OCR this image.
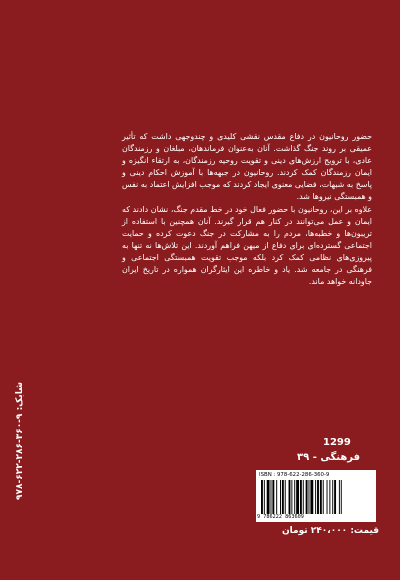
حضور روحانیون در دفاع مقدس نقشی کلیدی و چندوجهی داشت که تأثیر عمیقی بر روند جنگ گذاشت. آنان به‌عنوان فرماندهان، مبلغان و رزمندگان عادی، با ترویج ارزش‌های دینی و تقویت روحیه رزمندگان، به ارتقاء انگیزه و ایمان رزمندگان کمک کردند. روحانیون در جبهه‌ها با آموزش احکام دینی و پاسخ به شبهات، فضایی معنوی ایجاد کردند که موجب افزایش اعتماد به نفس و همبستگی نیروها شد.

علاوه بر این، روحانیون با حضور فعال خود در خط مقدم جنگ، نشان دادند که ایمان و عمل می‌توانند در کنار هم قرار گیرند. آنان همچنین با استفاده از تریبون‌ها و خطبه‌ها، مردم را به مشارکت در جنگ دعوت کرده و حمایت اجتماعی گسترده‌ای برای دفاع از میهن فراهم آوردند. این تلاش‌ها نه تنها به پیروزی‌های نظامی کمک کرد بلکه موجب تقویت همبستگی اجتماعی و فرهنگی در جامعه شد. یاد و خاطره این ایثارگران همواره در تاریخ ایران جاودانه خواهد ماند.

1299
فرهنگی - ۳۹
ISBN : 978-622-286-360-9
9 786222 863609
قیمت: ۲۴۰،۰۰۰ تومان
شابک: ۹-۳۶۰-۲۸۶-۶۲۲-۹۷۸
